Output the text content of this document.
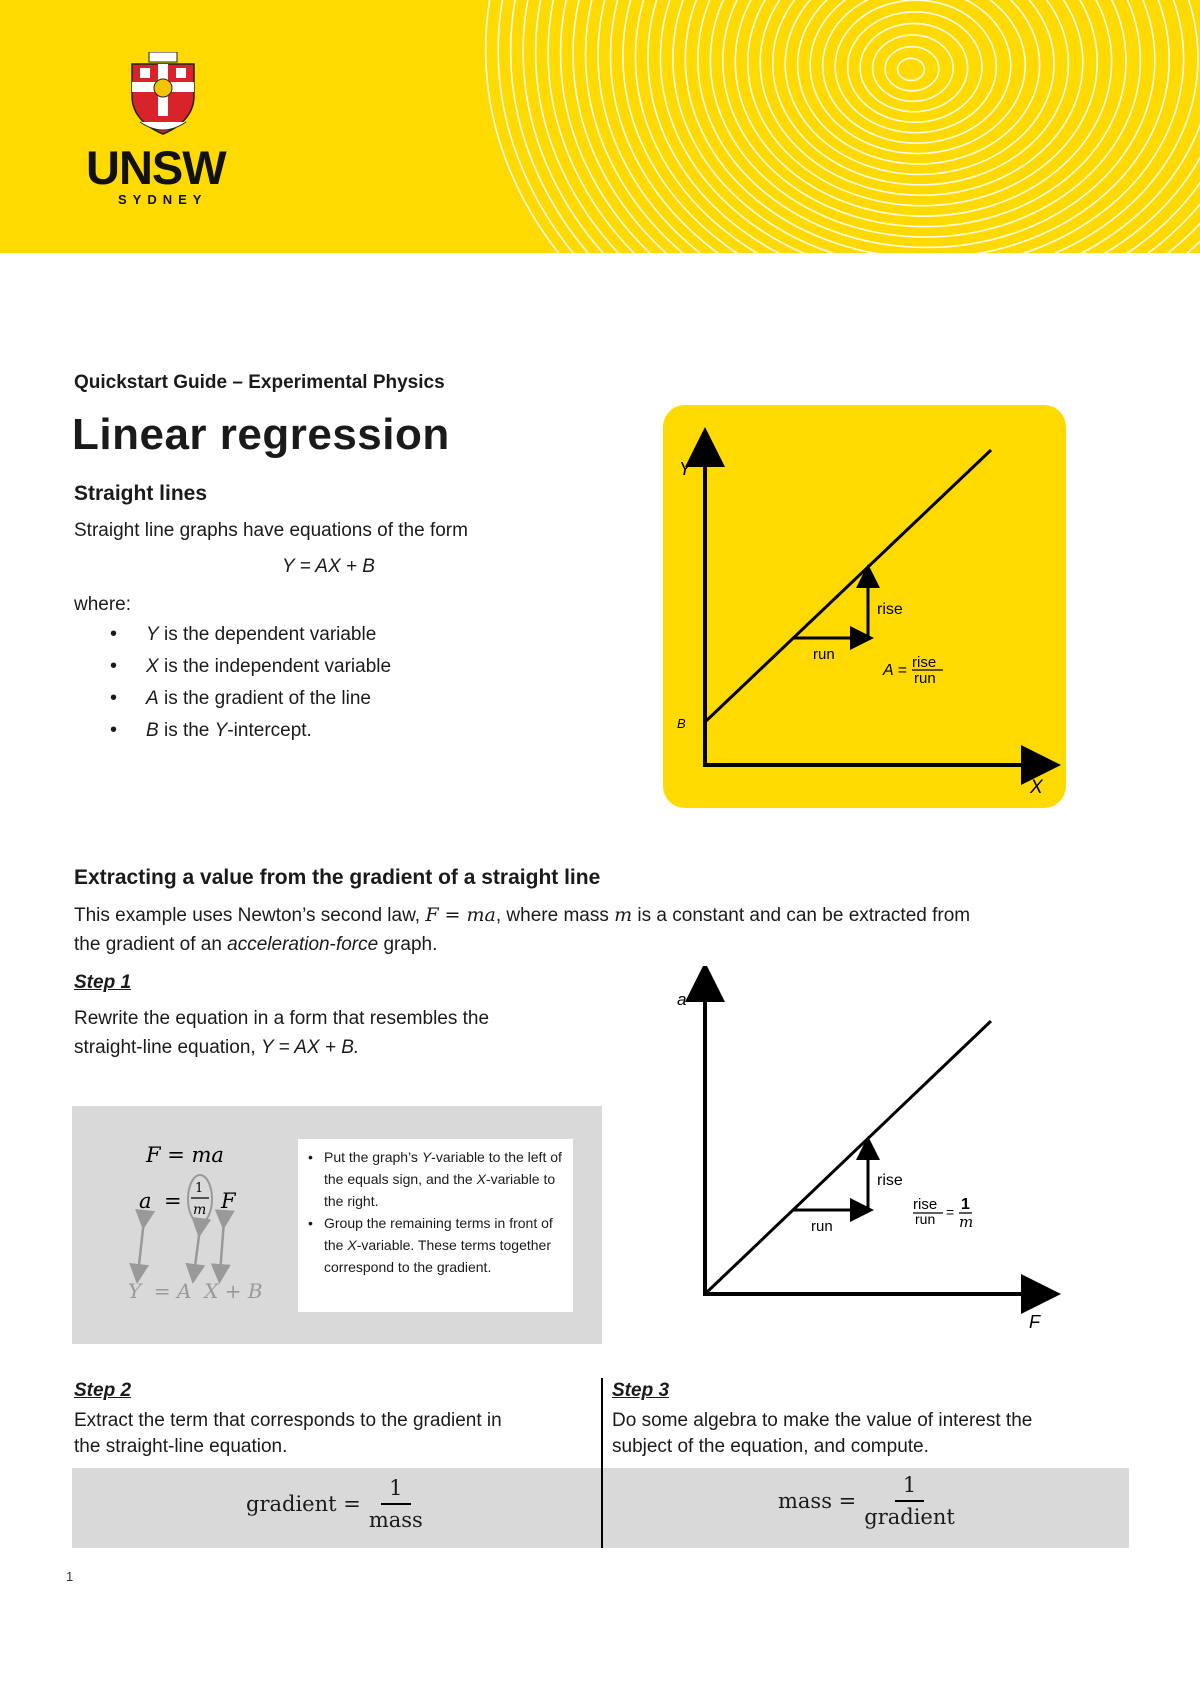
UNSW
SYDNEY
Quickstart Guide – Experimental Physics
Linear regression
Straight lines
Straight line graphs have equations of the form
Y = AX + B
where:
• Y is the dependent variable
• X is the independent variable
• A is the gradient of the line
• B is the Y-intercept.
Y
X
B
rise
run
A = rise
run
Extracting a value from the gradient of a straight line
This example uses Newton’s second law, F = ma, where mass m is a constant and can be extracted from
the gradient of an acceleration-force graph.
Step 1
Rewrite the equation in a form that resembles the
straight-line equation, Y = AX + B.
F = ma
a =
1
m F
Y  = A  X + B
• Put the graph’s Y-variable to the left of the equals sign, and the X-variable to the right.
• Group the remaining terms in front of the X-variable. These terms together correspond to the gradient.
a
F
rise
run
rise
run = 1
m
Step 2
Extract the term that corresponds to the gradient in
the straight-line equation.
Step 3
Do some algebra to make the value of interest the
subject of the equation, and compute.
gradient = $\frac{1}{\text{mass}}$	mass = $\frac{1}{\text{gradient}}$
1
